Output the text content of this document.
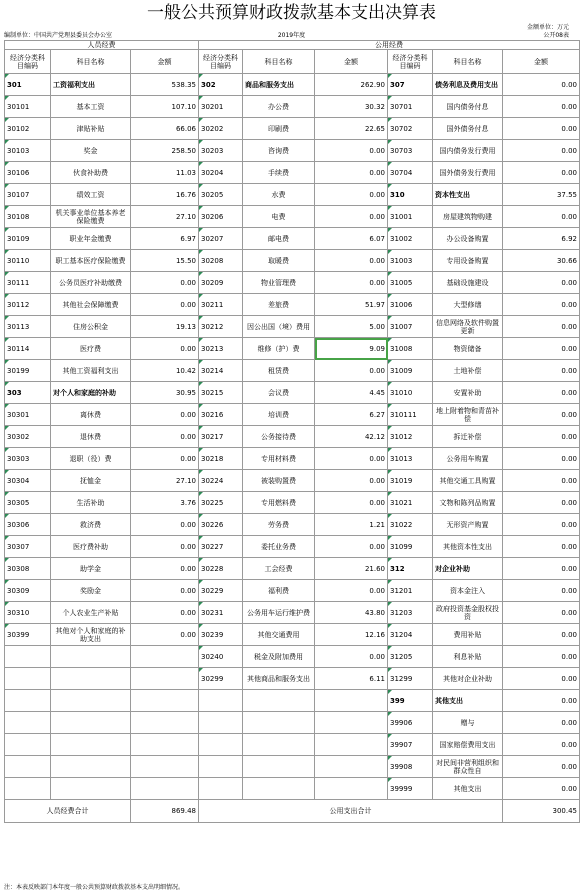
一般公共预算财政拨款基本支出决算表
金额单位：万元
编制单位：中国共产党理县委员会办公室	2019年度	公开08表
人员经费			公用经费					
经济分类科目编码	科目名称	金额	经济分类科目编码	科目名称	金额	经济分类科目编码	科目名称	金额
301	工资福利支出	538.35	302	商品和服务支出	262.90	307	债务利息及费用支出	0.00
30101	基本工资	107.10	30201	办公费	30.32	30701	国内债务付息	0.00
30102	津贴补贴	66.06	30202	印刷费	22.65	30702	国外债务付息	0.00
30103	奖金	258.50	30203	咨询费	0.00	30703	国内债务发行费用	0.00
30106	伙食补助费	11.03	30204	手续费	0.00	30704	国外债务发行费用	0.00
30107	绩效工资	16.76	30205	水费	0.00	310	资本性支出	37.55
30108	机关事业单位基本养老保险缴费	27.10	30206	电费	0.00	31001	房屋建筑物购建	0.00
30109	职业年金缴费	6.97	30207	邮电费	6.07	31002	办公设备购置	6.92
30110	职工基本医疗保险缴费	15.50	30208	取暖费	0.00	31003	专用设备购置	30.66
30111	公务员医疗补助缴费	0.00	30209	物业管理费	0.00	31005	基础设施建设	0.00
30112	其他社会保障缴费	0.00	30211	差旅费	51.97	31006	大型修缮	0.00
30113	住房公积金	19.13	30212	因公出国（境）费用	5.00	31007	信息网络及软件购置更新	0.00
30114	医疗费	0.00	30213	维修（护）费	9.09	31008	物资储备	0.00
30199	其他工资福利支出	10.42	30214	租赁费	0.00	31009	土地补偿	0.00
303	对个人和家庭的补助	30.95	30215	会议费	4.45	31010	安置补助	0.00
30301	离休费	0.00	30216	培训费	6.27	310111	地上附着物和青苗补偿	0.00
30302	退休费	0.00	30217	公务接待费	42.12	31012	拆迁补偿	0.00
30303	退职（役）费	0.00	30218	专用材料费	0.00	31013	公务用车购置	0.00
30304	抚恤金	27.10	30224	被装购置费	0.00	31019	其他交通工具购置	0.00
30305	生活补助	3.76	30225	专用燃料费	0.00	31021	文物和陈列品购置	0.00
30306	救济费	0.00	30226	劳务费	1.21	31022	无形资产购置	0.00
30307	医疗费补助	0.00	30227	委托业务费	0.00	31099	其他资本性支出	0.00
30308	助学金	0.00	30228	工会经费	21.60	312	对企业补助	0.00
30309	奖励金	0.00	30229	福利费	0.00	31201	资本金注入	0.00
30310	个人农业生产补贴	0.00	30231	公务用车运行维护费	43.80	31203	政府投资基金股权投资	0.00
30399	其他对个人和家庭的补助支出	0.00	30239	其他交通费用	12.16	31204	费用补贴	0.00
			30240	税金及附加费用	0.00	31205	利息补贴	0.00
			30299	其他商品和服务支出	6.11	31299	其他对企业补助	0.00
						399	其他支出	0.00
						39906	赠与	0.00
						39907	国家赔偿费用支出	0.00
						39908	对民间非营利组织和群众性自	0.00
						39999	其他支出	0.00
人员经费合计		869.48	公用支出合计					300.45
注：本表反映部门本年度一般公共预算财政拨款基本支出明细情况。
